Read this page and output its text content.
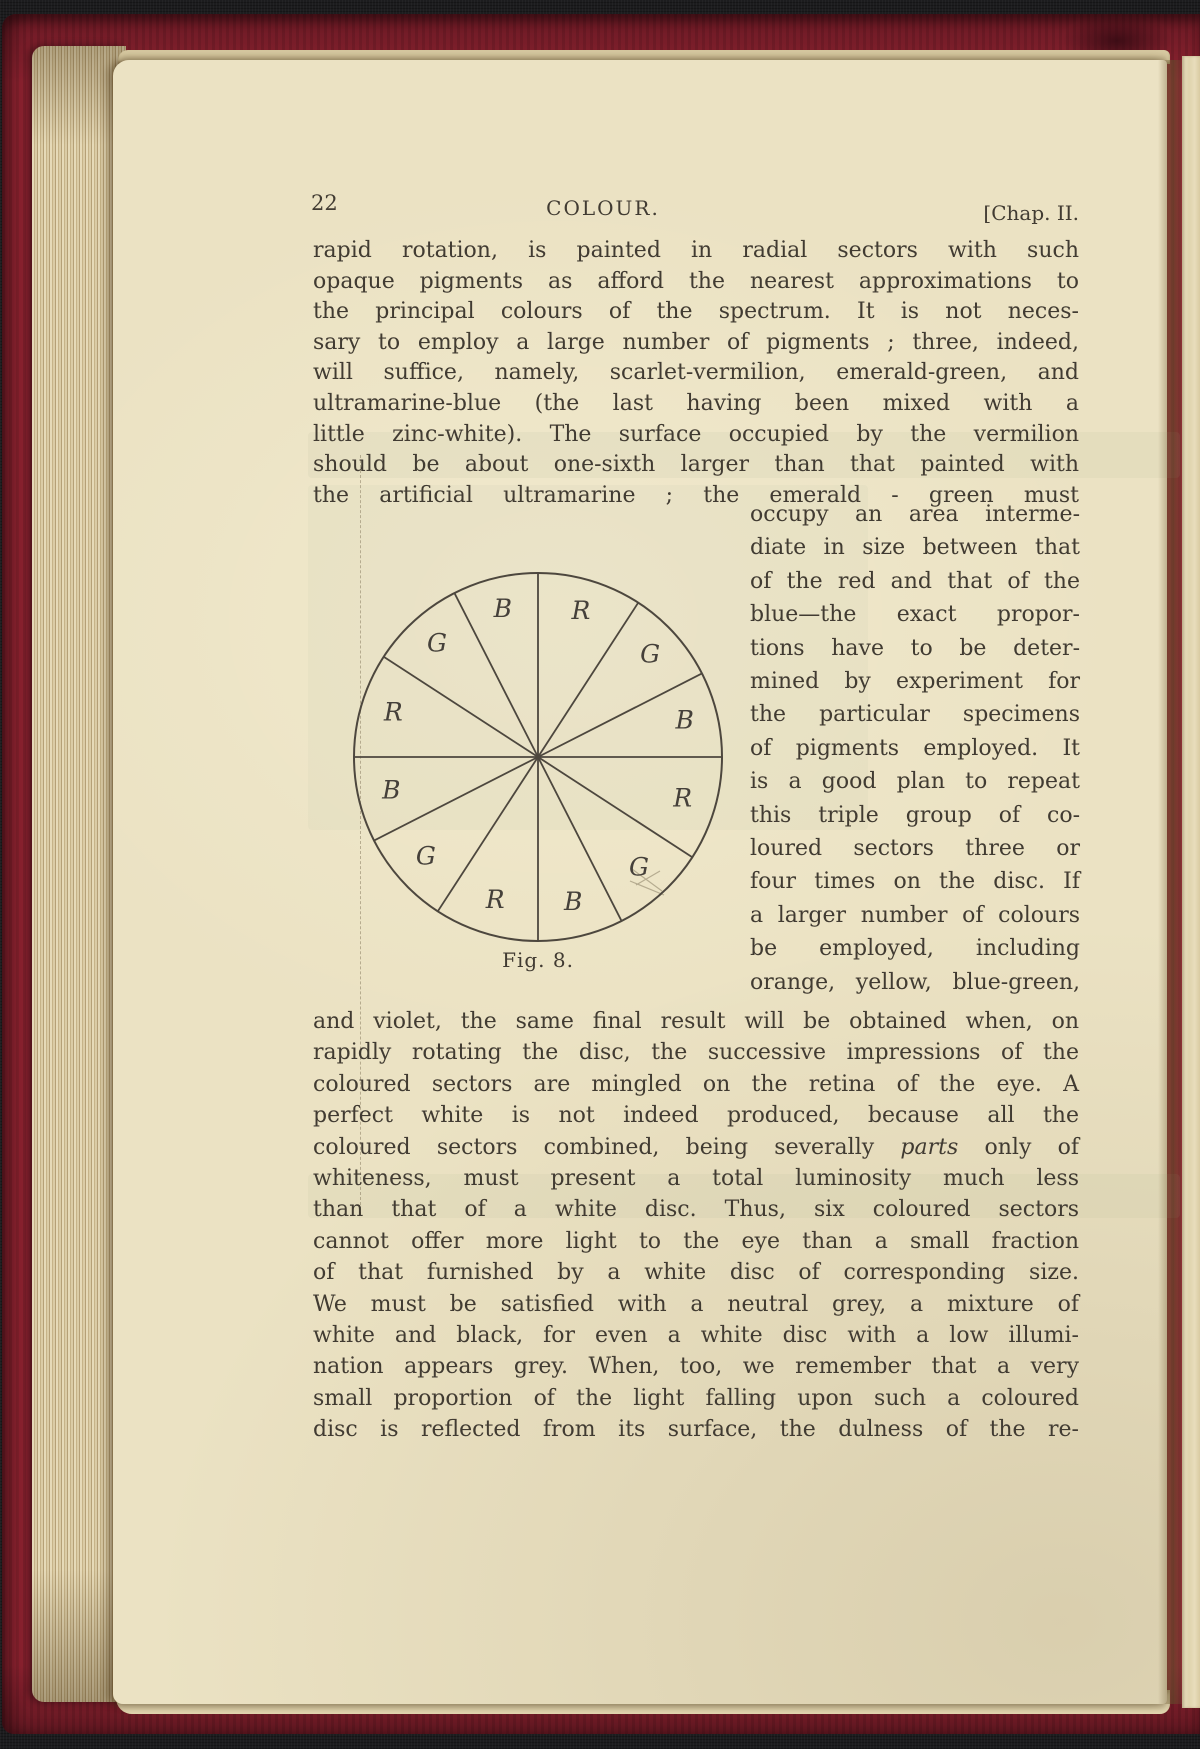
22	COLOUR.	[Chap. II.
rapid rotation, is painted in radial sectors with such
opaque pigments as afford the nearest approximations to
the principal colours of the spectrum. It is not neces-
sary to employ a large number of pigments ; three, indeed,
will suffice, namely, scarlet-vermilion, emerald-green, and
ultramarine-blue (the last having been mixed with a
little zinc-white). The surface occupied by the vermilion
should be about one-sixth larger than that painted with
the artificial ultramarine ; the emerald - green must
R
G
B
R
G
B
R
G
B
R
G
B
Fig. 8.
occupy an area interme-
diate in size between that
of the red and that of the
blue—the exact propor-
tions have to be deter-
mined by experiment for
the particular specimens
of pigments employed. It
is a good plan to repeat
this triple group of co-
loured sectors three or
four times on the disc. If
a larger number of colours
be employed, including
orange, yellow, blue-green,
and violet, the same final result will be obtained when, on
rapidly rotating the disc, the successive impressions of the
coloured sectors are mingled on the retina of the eye. A
perfect white is not indeed produced, because all the
coloured sectors combined, being severally parts only of
whiteness, must present a total luminosity much less
than that of a white disc. Thus, six coloured sectors
cannot offer more light to the eye than a small fraction
of that furnished by a white disc of corresponding size.
We must be satisfied with a neutral grey, a mixture of
white and black, for even a white disc with a low illumi-
nation appears grey. When, too, we remember that a very
small proportion of the light falling upon such a coloured
disc is reflected from its surface, the dulness of the re-
